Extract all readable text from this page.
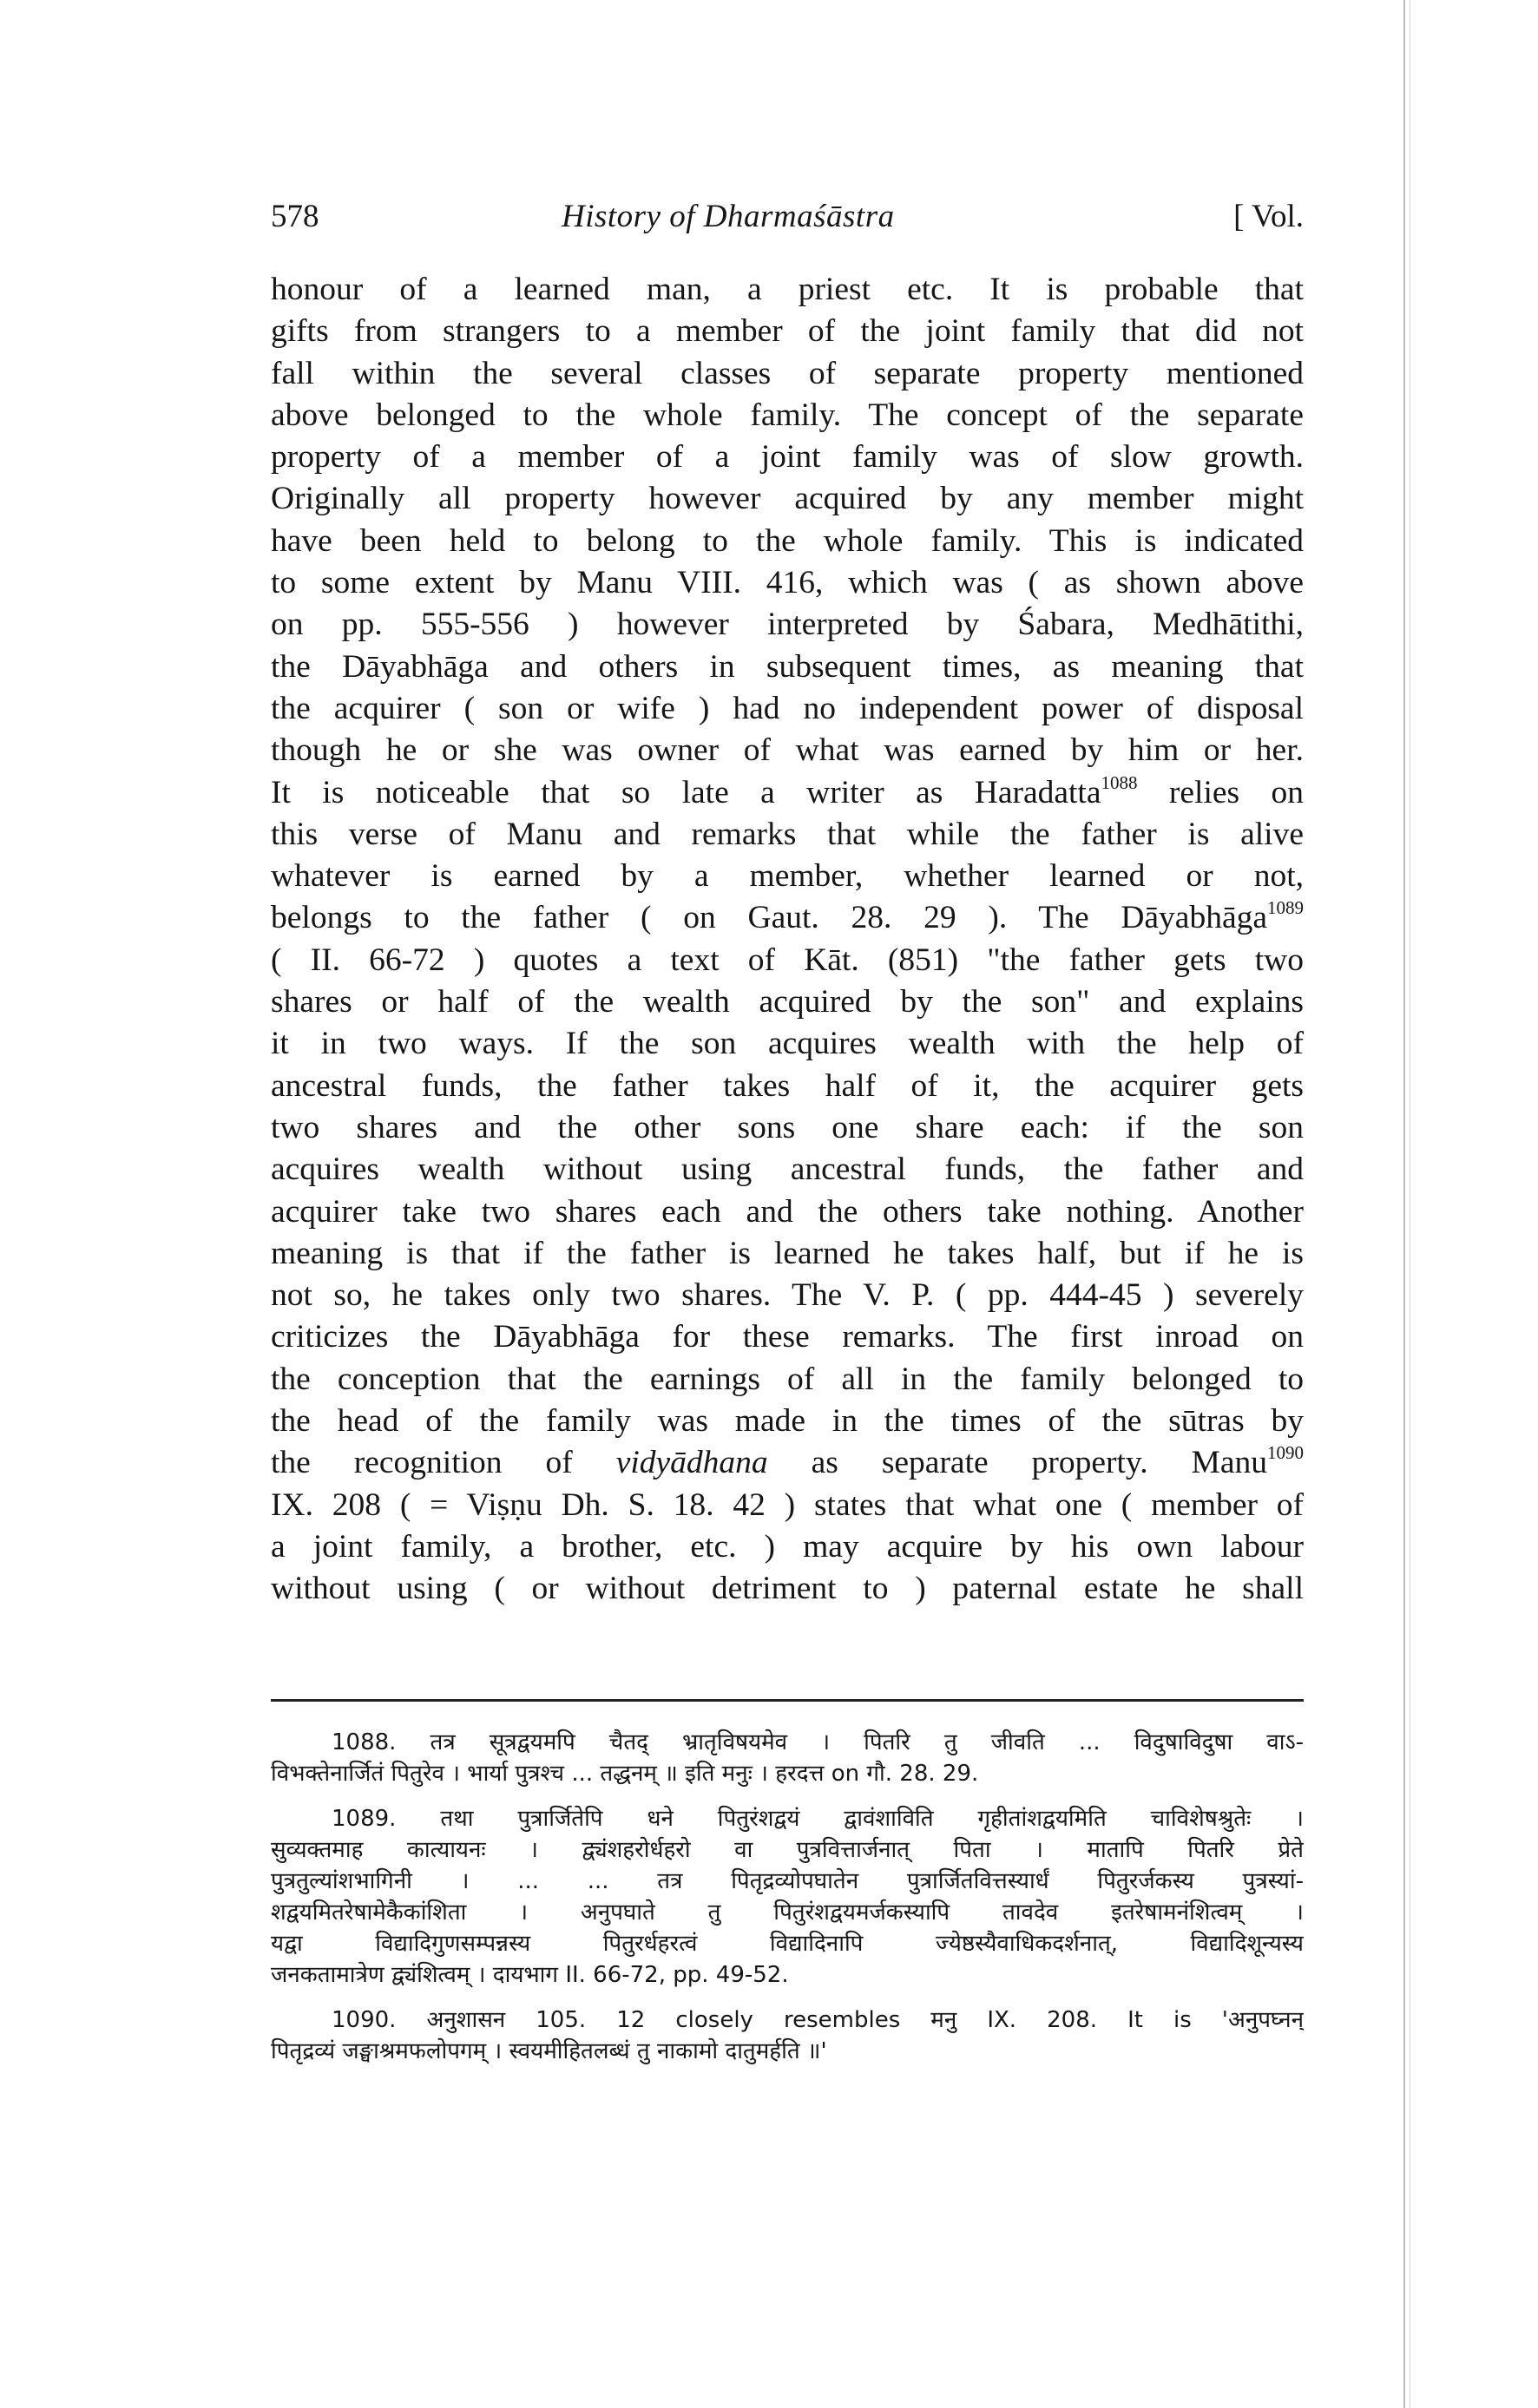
578	History of Dharmaśāstra	[ Vol.
honour of a learned man, a priest etc. It is probable that
gifts from strangers to a member of the joint family that did not
fall within the several classes of separate property mentioned
above belonged to the whole family. The concept of the separate
property of a member of a joint family was of slow growth.
Originally all property however acquired by any member might
have been held to belong to the whole family. This is indicated
to some extent by Manu VIII. 416, which was ( as shown above
on pp. 555-556 ) however interpreted by Śabara, Medhātithi,
the Dāyabhāga and others in subsequent times, as meaning that
the acquirer ( son or wife ) had no independent power of disposal
though he or she was owner of what was earned by him or her.
It is noticeable that so late a writer as Haradatta$^{1088}$ relies on
this verse of Manu and remarks that while the father is alive
whatever is earned by a member, whether learned or not,
belongs to the father ( on Gaut. 28. 29 ). The Dāyabhāga$^{1089}$
( II. 66-72 ) quotes a text of Kāt. (851) "the father gets two
shares or half of the wealth acquired by the son" and explains
it in two ways. If the son acquires wealth with the help of
ancestral funds, the father takes half of it, the acquirer gets
two shares and the other sons one share each: if the son
acquires wealth without using ancestral funds, the father and
acquirer take two shares each and the others take nothing. Another
meaning is that if the father is learned he takes half, but if he is
not so, he takes only two shares. The V. P. ( pp. 444-45 ) severely
criticizes the Dāyabhāga for these remarks. The first inroad on
the conception that the earnings of all in the family belonged to
the head of the family was made in the times of the sūtras by
the recognition of vidyādhana as separate property. Manu$^{1090}$
IX. 208 ( = Viṣṇu Dh. S. 18. 42 ) states that what one ( member of
a joint family, a brother, etc. ) may acquire by his own labour
without using ( or without detriment to ) paternal estate he shall
1088. तत्र सूत्रद्वयमपि चैतद् भ्रातृविषयमेव । पितरि तु जीवति ... विदुषाविदुषा वाऽ-
विभक्तेनार्जितं पितुरेव । भार्या पुत्रश्च ... तद्धनम् ॥ इति मनुः । हरदत्त on गौ. 28. 29.
1089. तथा पुत्रार्जितेपि धने पितुरंशद्वयं द्वावंशाविति गृहीतांशद्वयमिति चाविशेषश्रुतेः ।
सुव्यक्तमाह कात्यायनः । द्व्यंशहरोर्धहरो वा पुत्रवित्तार्जनात् पिता । मातापि पितरि प्रेते
पुत्रतुल्यांशभागिनी । ... ... तत्र पितृद्रव्योपघातेन पुत्रार्जितवित्तस्यार्धं पितुरर्जकस्य पुत्रस्यां-
शद्वयमितरेषामेकैकांशिता । अनुपघाते तु पितुरंशद्वयमर्जकस्यापि तावदेव इतरेषामनंशित्वम् ।
यद्वा विद्यादिगुणसम्पन्नस्य पितुरर्धहरत्वं विद्यादिनापि ज्येष्ठस्यैवाधिकदर्शनात्, विद्यादिशून्यस्य
जनकतामात्रेण द्व्यंशित्वम् । दायभाग II. 66-72, pp. 49-52.
1090. अनुशासन 105. 12 closely resembles मनु IX. 208. It is 'अनुपघ्नन्
पितृद्रव्यं जङ्घाश्रमफलोपगम् । स्वयमीहितलब्धं तु नाकामो दातुमर्हति ॥'
